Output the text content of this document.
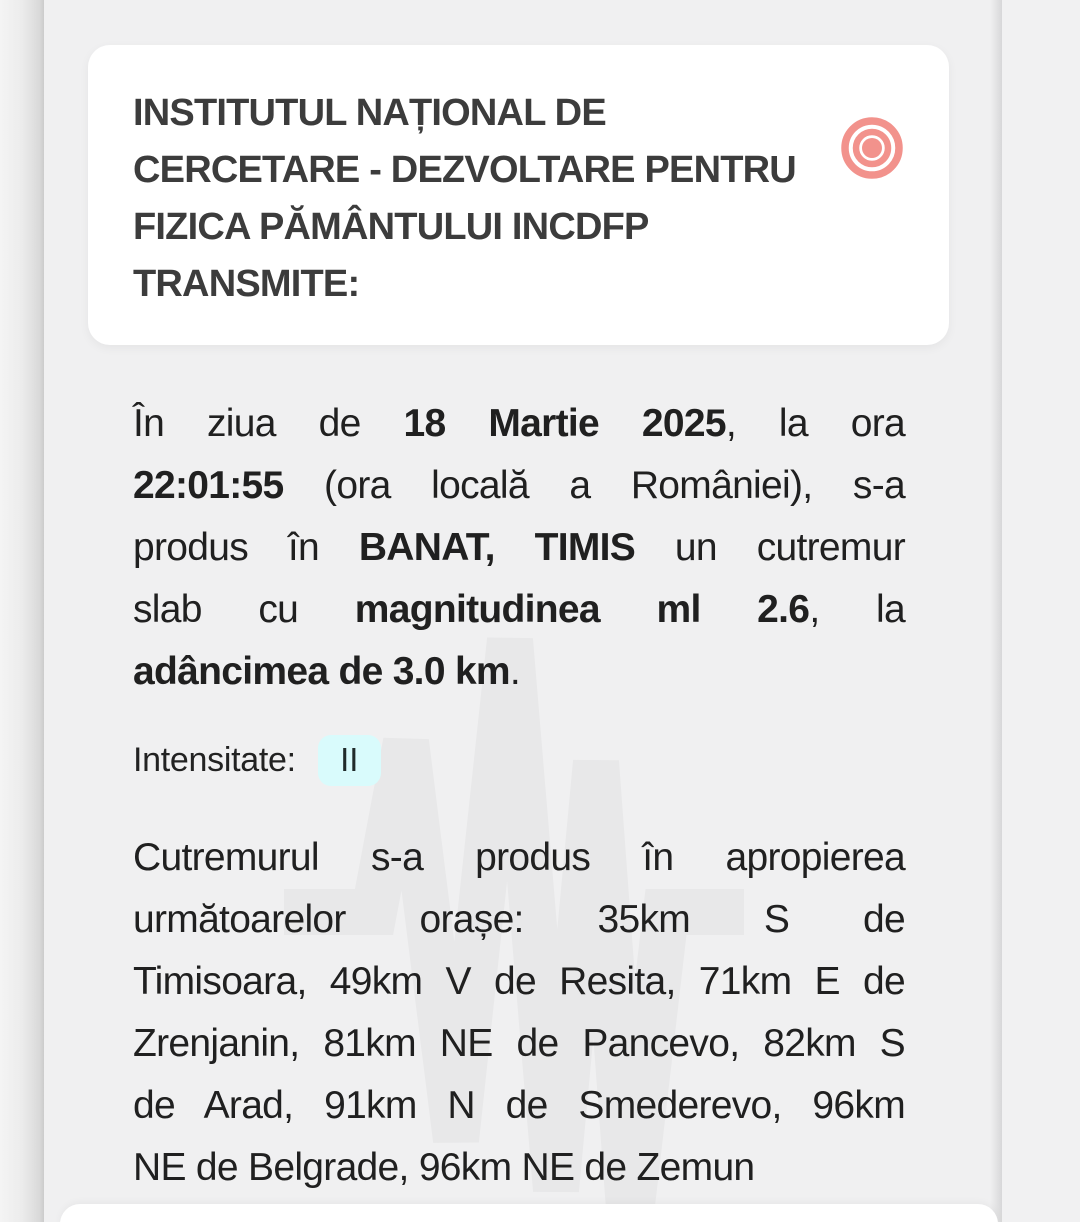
INSTITUTUL NAȚIONAL DE
CERCETARE - DEZVOLTARE PENTRU
FIZICA PĂMÂNTULUI INCDFP
TRANSMITE:
În ziua de 18 Martie 2025, la ora
22:01:55 (ora locală a României), s-a
produs în BANAT, TIMIS un cutremur
slab cu magnitudinea ml 2.6, la
adâncimea de 3.0 km.
Intensitate:	II
Cutremurul s-a produs în apropierea
următoarelor orașe: 35km S de
Timisoara, 49km V de Resita, 71km E de
Zrenjanin, 81km NE de Pancevo, 82km S
de Arad, 91km N de Smederevo, 96km
NE de Belgrade, 96km NE de Zemun
